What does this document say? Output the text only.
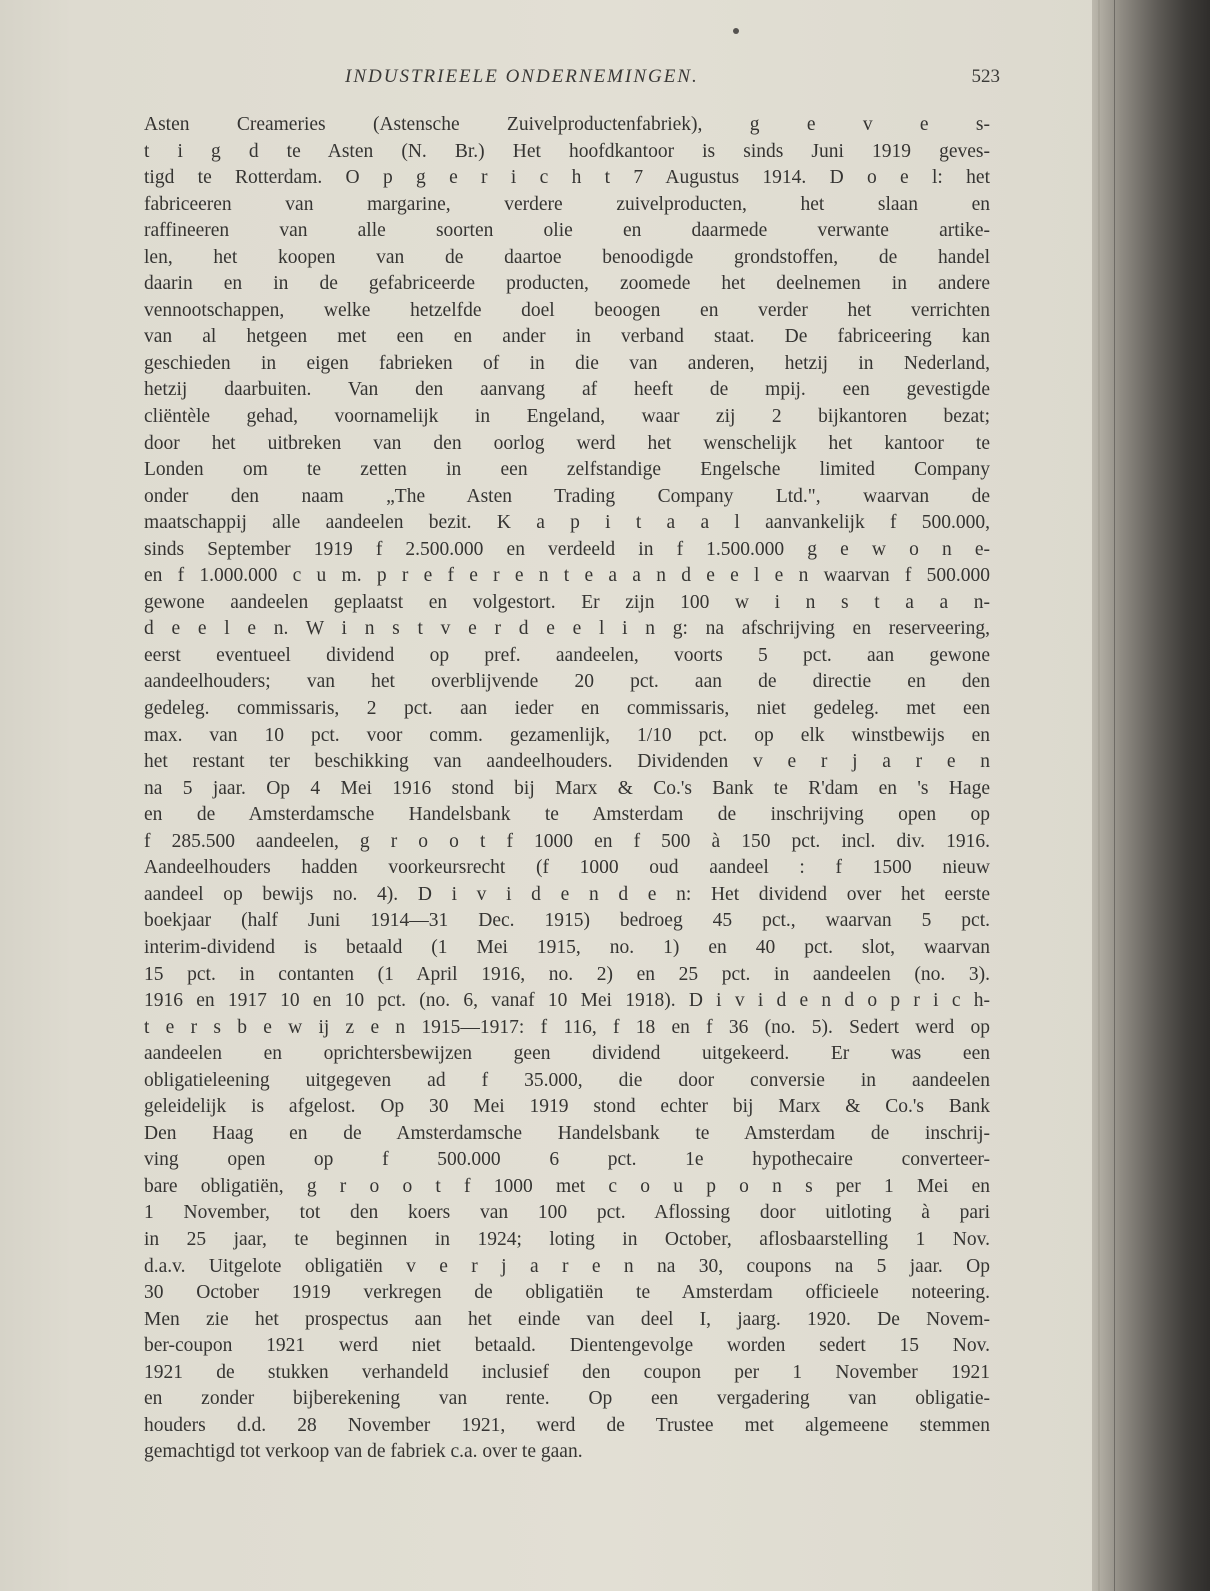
INDUSTRIEELE ONDERNEMINGEN.	523
Asten Creameries (Astensche Zuivelproductenfabriek), g e v e s-
t i g d te Asten (N. Br.) Het hoofdkantoor is sinds Juni 1919 geves-
tigd te Rotterdam. O p g e r i c h t 7 Augustus 1914. D o e l: het
fabriceeren van margarine, verdere zuivelproducten, het slaan en
raffineeren van alle soorten olie en daarmede verwante artike-
len, het koopen van de daartoe benoodigde grondstoffen, de handel
daarin en in de gefabriceerde producten, zoomede het deelnemen in andere
vennootschappen, welke hetzelfde doel beoogen en verder het verrichten
van al hetgeen met een en ander in verband staat. De fabriceering kan
geschieden in eigen fabrieken of in die van anderen, hetzij in Nederland,
hetzij daarbuiten. Van den aanvang af heeft de mpij. een gevestigde
cliëntèle gehad, voornamelijk in Engeland, waar zij 2 bijkantoren bezat;
door het uitbreken van den oorlog werd het wenschelijk het kantoor te
Londen om te zetten in een zelfstandige Engelsche limited Company
onder den naam „The Asten Trading Company Ltd.", waarvan de
maatschappij alle aandeelen bezit. K a p i t a a l aanvankelijk f 500.000,
sinds September 1919 f 2.500.000 en verdeeld in f 1.500.000 g e w o n e-
en f 1.000.000 c u m. p r e f e r e n t e a a n d e e l e n waarvan f 500.000
gewone aandeelen geplaatst en volgestort. Er zijn 100 w i n s t a a n-
d e e l e n. W i n s t v e r d e e l i n g: na afschrijving en reserveering,
eerst eventueel dividend op pref. aandeelen, voorts 5 pct. aan gewone
aandeelhouders; van het overblijvende 20 pct. aan de directie en den
gedeleg. commissaris, 2 pct. aan ieder en commissaris, niet gedeleg. met een
max. van 10 pct. voor comm. gezamenlijk, 1/10 pct. op elk winstbewijs en
het restant ter beschikking van aandeelhouders. Dividenden v e r j a r e n
na 5 jaar. Op 4 Mei 1916 stond bij Marx & Co.'s Bank te R'dam en 's Hage
en de Amsterdamsche Handelsbank te Amsterdam de inschrijving open op
f 285.500 aandeelen, g r o o t f 1000 en f 500 à 150 pct. incl. div. 1916.
Aandeelhouders hadden voorkeursrecht (f 1000 oud aandeel : f 1500 nieuw
aandeel op bewijs no. 4). D i v i d e n d e n: Het dividend over het eerste
boekjaar (half Juni 1914—31 Dec. 1915) bedroeg 45 pct., waarvan 5 pct.
interim-dividend is betaald (1 Mei 1915, no. 1) en 40 pct. slot, waarvan
15 pct. in contanten (1 April 1916, no. 2) en 25 pct. in aandeelen (no. 3).
1916 en 1917 10 en 10 pct. (no. 6, vanaf 10 Mei 1918). D i v i d e n d o p r i c h-
t e r s b e w ij z e n 1915—1917: f 116, f 18 en f 36 (no. 5). Sedert werd op
aandeelen en oprichtersbewijzen geen dividend uitgekeerd. Er was een
obligatieleening uitgegeven ad f 35.000, die door conversie in aandeelen
geleidelijk is afgelost. Op 30 Mei 1919 stond echter bij Marx & Co.'s Bank
Den Haag en de Amsterdamsche Handelsbank te Amsterdam de inschrij-
ving open op f 500.000 6 pct. 1e hypothecaire converteer-
bare obligatiën, g r o o t f 1000 met c o u p o n s per 1 Mei en
1 November, tot den koers van 100 pct. Aflossing door uitloting à pari
in 25 jaar, te beginnen in 1924; loting in October, aflosbaarstelling 1 Nov.
d.a.v. Uitgelote obligatiën v e r j a r e n na 30, coupons na 5 jaar. Op
30 October 1919 verkregen de obligatiën te Amsterdam officieele noteering.
Men zie het prospectus aan het einde van deel I, jaarg. 1920. De Novem-
ber-coupon 1921 werd niet betaald. Dientengevolge worden sedert 15 Nov.
1921 de stukken verhandeld inclusief den coupon per 1 November 1921
en zonder bijberekening van rente. Op een vergadering van obligatie-
houders d.d. 28 November 1921, werd de Trustee met algemeene stemmen
gemachtigd tot verkoop van de fabriek c.a. over te gaan.
